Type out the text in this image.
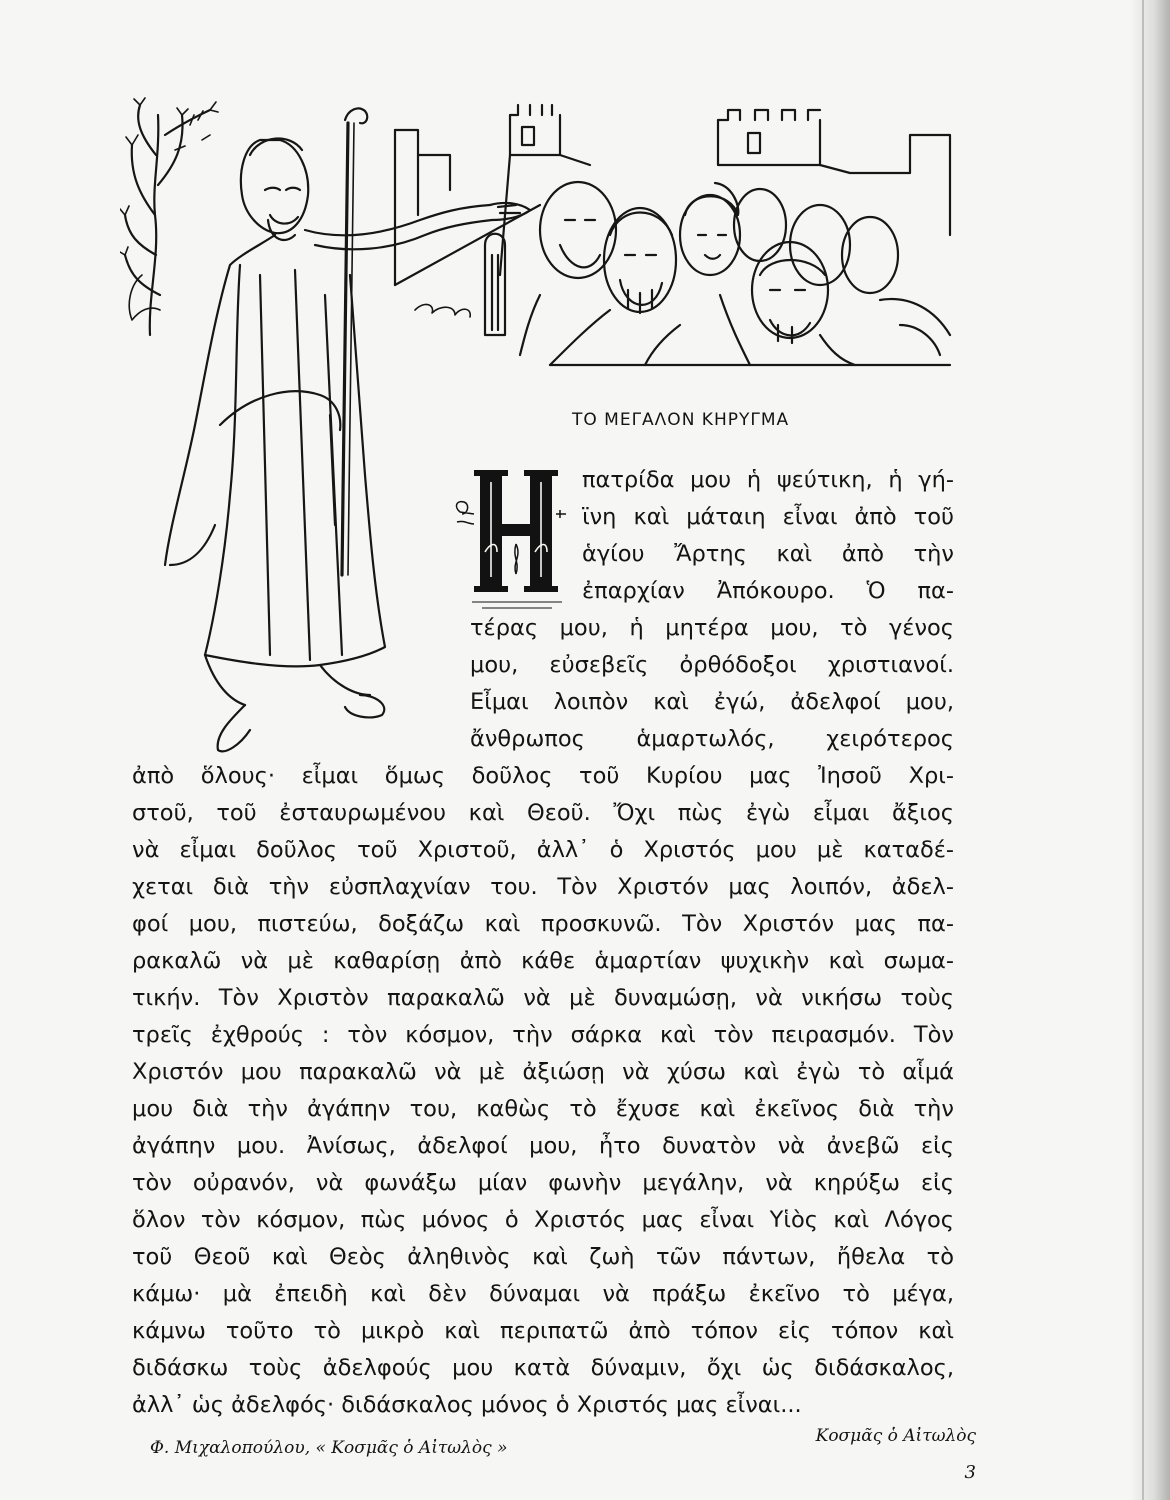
ΤΟ ΜΕΓΑΛΟΝ ΚΗΡΥΓΜΑ
πατρίδα μου ἡ ψεύτικη, ἡ γή-
ϊνη καὶ μάταιη εἶναι ἀπὸ τοῦ
ἁγίου Ἄρτης καὶ ἀπὸ τὴν
ἐπαρχίαν Ἀπόκουρο. Ὁ πα-
τέρας μου, ἡ μητέρα μου, τὸ γένος
μου, εὐσεβεῖς ὀρθόδοξοι χριστιανοί.
Εἶμαι λοιπὸν καὶ ἐγώ, ἀδελφοί μου,
ἄνθρωπος ἁμαρτωλός, χειρότερος
ἀπὸ ὅλους· εἶμαι ὅμως δοῦλος τοῦ Κυρίου μας Ἰησοῦ Χρι-
στοῦ, τοῦ ἐσταυρωμένου καὶ Θεοῦ. Ὄχι πὼς ἐγὼ εἶμαι ἄξιος
νὰ εἶμαι δοῦλος τοῦ Χριστοῦ, ἀλλ᾽ ὁ Χριστός μου μὲ καταδέ-
χεται διὰ τὴν εὐσπλαχνίαν του. Τὸν Χριστόν μας λοιπόν, ἀδελ-
φοί μου, πιστεύω, δοξάζω καὶ προσκυνῶ. Τὸν Χριστόν μας πα-
ρακαλῶ νὰ μὲ καθαρίσῃ ἀπὸ κάθε ἁμαρτίαν ψυχικὴν καὶ σωμα-
τικήν. Τὸν Χριστὸν παρακαλῶ νὰ μὲ δυναμώσῃ, νὰ νικήσω τοὺς
τρεῖς ἐχθρούς : τὸν κόσμον, τὴν σάρκα καὶ τὸν πειρασμόν. Τὸν
Χριστόν μου παρακαλῶ νὰ μὲ ἀξιώσῃ νὰ χύσω καὶ ἐγὼ τὸ αἷμά
μου διὰ τὴν ἀγάπην του, καθὼς τὸ ἔχυσε καὶ ἐκεῖνος διὰ τὴν
ἀγάπην μου. Ἀνίσως, ἀδελφοί μου, ἦτο δυνατὸν νὰ ἀνεβῶ εἰς
τὸν οὐρανόν, νὰ φωνάξω μίαν φωνὴν μεγάλην, νὰ κηρύξω εἰς
ὅλον τὸν κόσμον, πὼς μόνος ὁ Χριστός μας εἶναι Υἱὸς καὶ Λόγος
τοῦ Θεοῦ καὶ Θεὸς ἀληθινὸς καὶ ζωὴ τῶν πάντων, ἤθελα τὸ
κάμω· μὰ ἐπειδὴ καὶ δὲν δύναμαι νὰ πράξω ἐκεῖνο τὸ μέγα,
κάμνω τοῦτο τὸ μικρὸ καὶ περιπατῶ ἀπὸ τόπον εἰς τόπον καὶ
διδάσκω τοὺς ἀδελφούς μου κατὰ δύναμιν, ὄχι ὡς διδάσκαλος,
ἀλλ᾽ ὡς ἀδελφός· διδάσκαλος μόνος ὁ Χριστός μας εἶναι...
Φ. Μιχαλοπούλου, « Κοσμᾶς ὁ Αἰτωλὸς »
Κοσμᾶς ὁ Αἰτωλὸς
3
